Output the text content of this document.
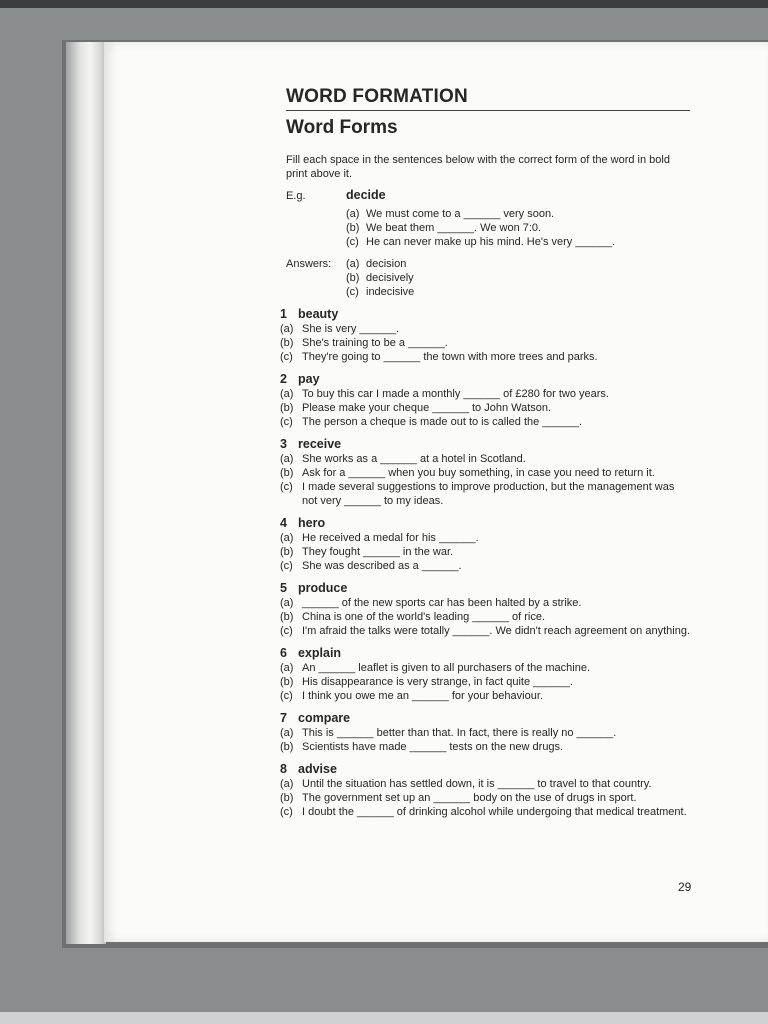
WORD FORMATION
Word Forms

Fill each space in the sentences below with the correct form of the word in bold print above it.

E.g.	decide
(a) We must come to a ______ very soon.
(b) We beat them ______. We won 7:0.
(c) He can never make up his mind. He's very ______.
Answers: (a) decision
(b) decisively
(c) indecisive
1 beauty
(a) She is very ______.
(b) She's training to be a ______.
(c) They're going to ______ the town with more trees and parks.
2 pay
(a) To buy this car I made a monthly ______ of £280 for two years.
(b) Please make your cheque ______ to John Watson.
(c) The person a cheque is made out to is called the ______.
3 receive
(a) She works as a ______ at a hotel in Scotland.
(b) Ask for a ______ when you buy something, in case you need to return it.
(c) I made several suggestions to improve production, but the management was not very ______ to my ideas.
4 hero
(a) He received a medal for his ______.
(b) They fought ______ in the war.
(c) She was described as a ______.
5 produce
(a) ______ of the new sports car has been halted by a strike.
(b) China is one of the world's leading ______ of rice.
(c) I'm afraid the talks were totally ______. We didn't reach agreement on anything.
6 explain
(a) An ______ leaflet is given to all purchasers of the machine.
(b) His disappearance is very strange, in fact quite ______.
(c) I think you owe me an ______ for your behaviour.
7 compare
(a) This is ______ better than that. In fact, there is really no ______.
(b) Scientists have made ______ tests on the new drugs.
8 advise
(a) Until the situation has settled down, it is ______ to travel to that country.
(b) The government set up an ______ body on the use of drugs in sport.
(c) I doubt the ______ of drinking alcohol while undergoing that medical treatment.
29
